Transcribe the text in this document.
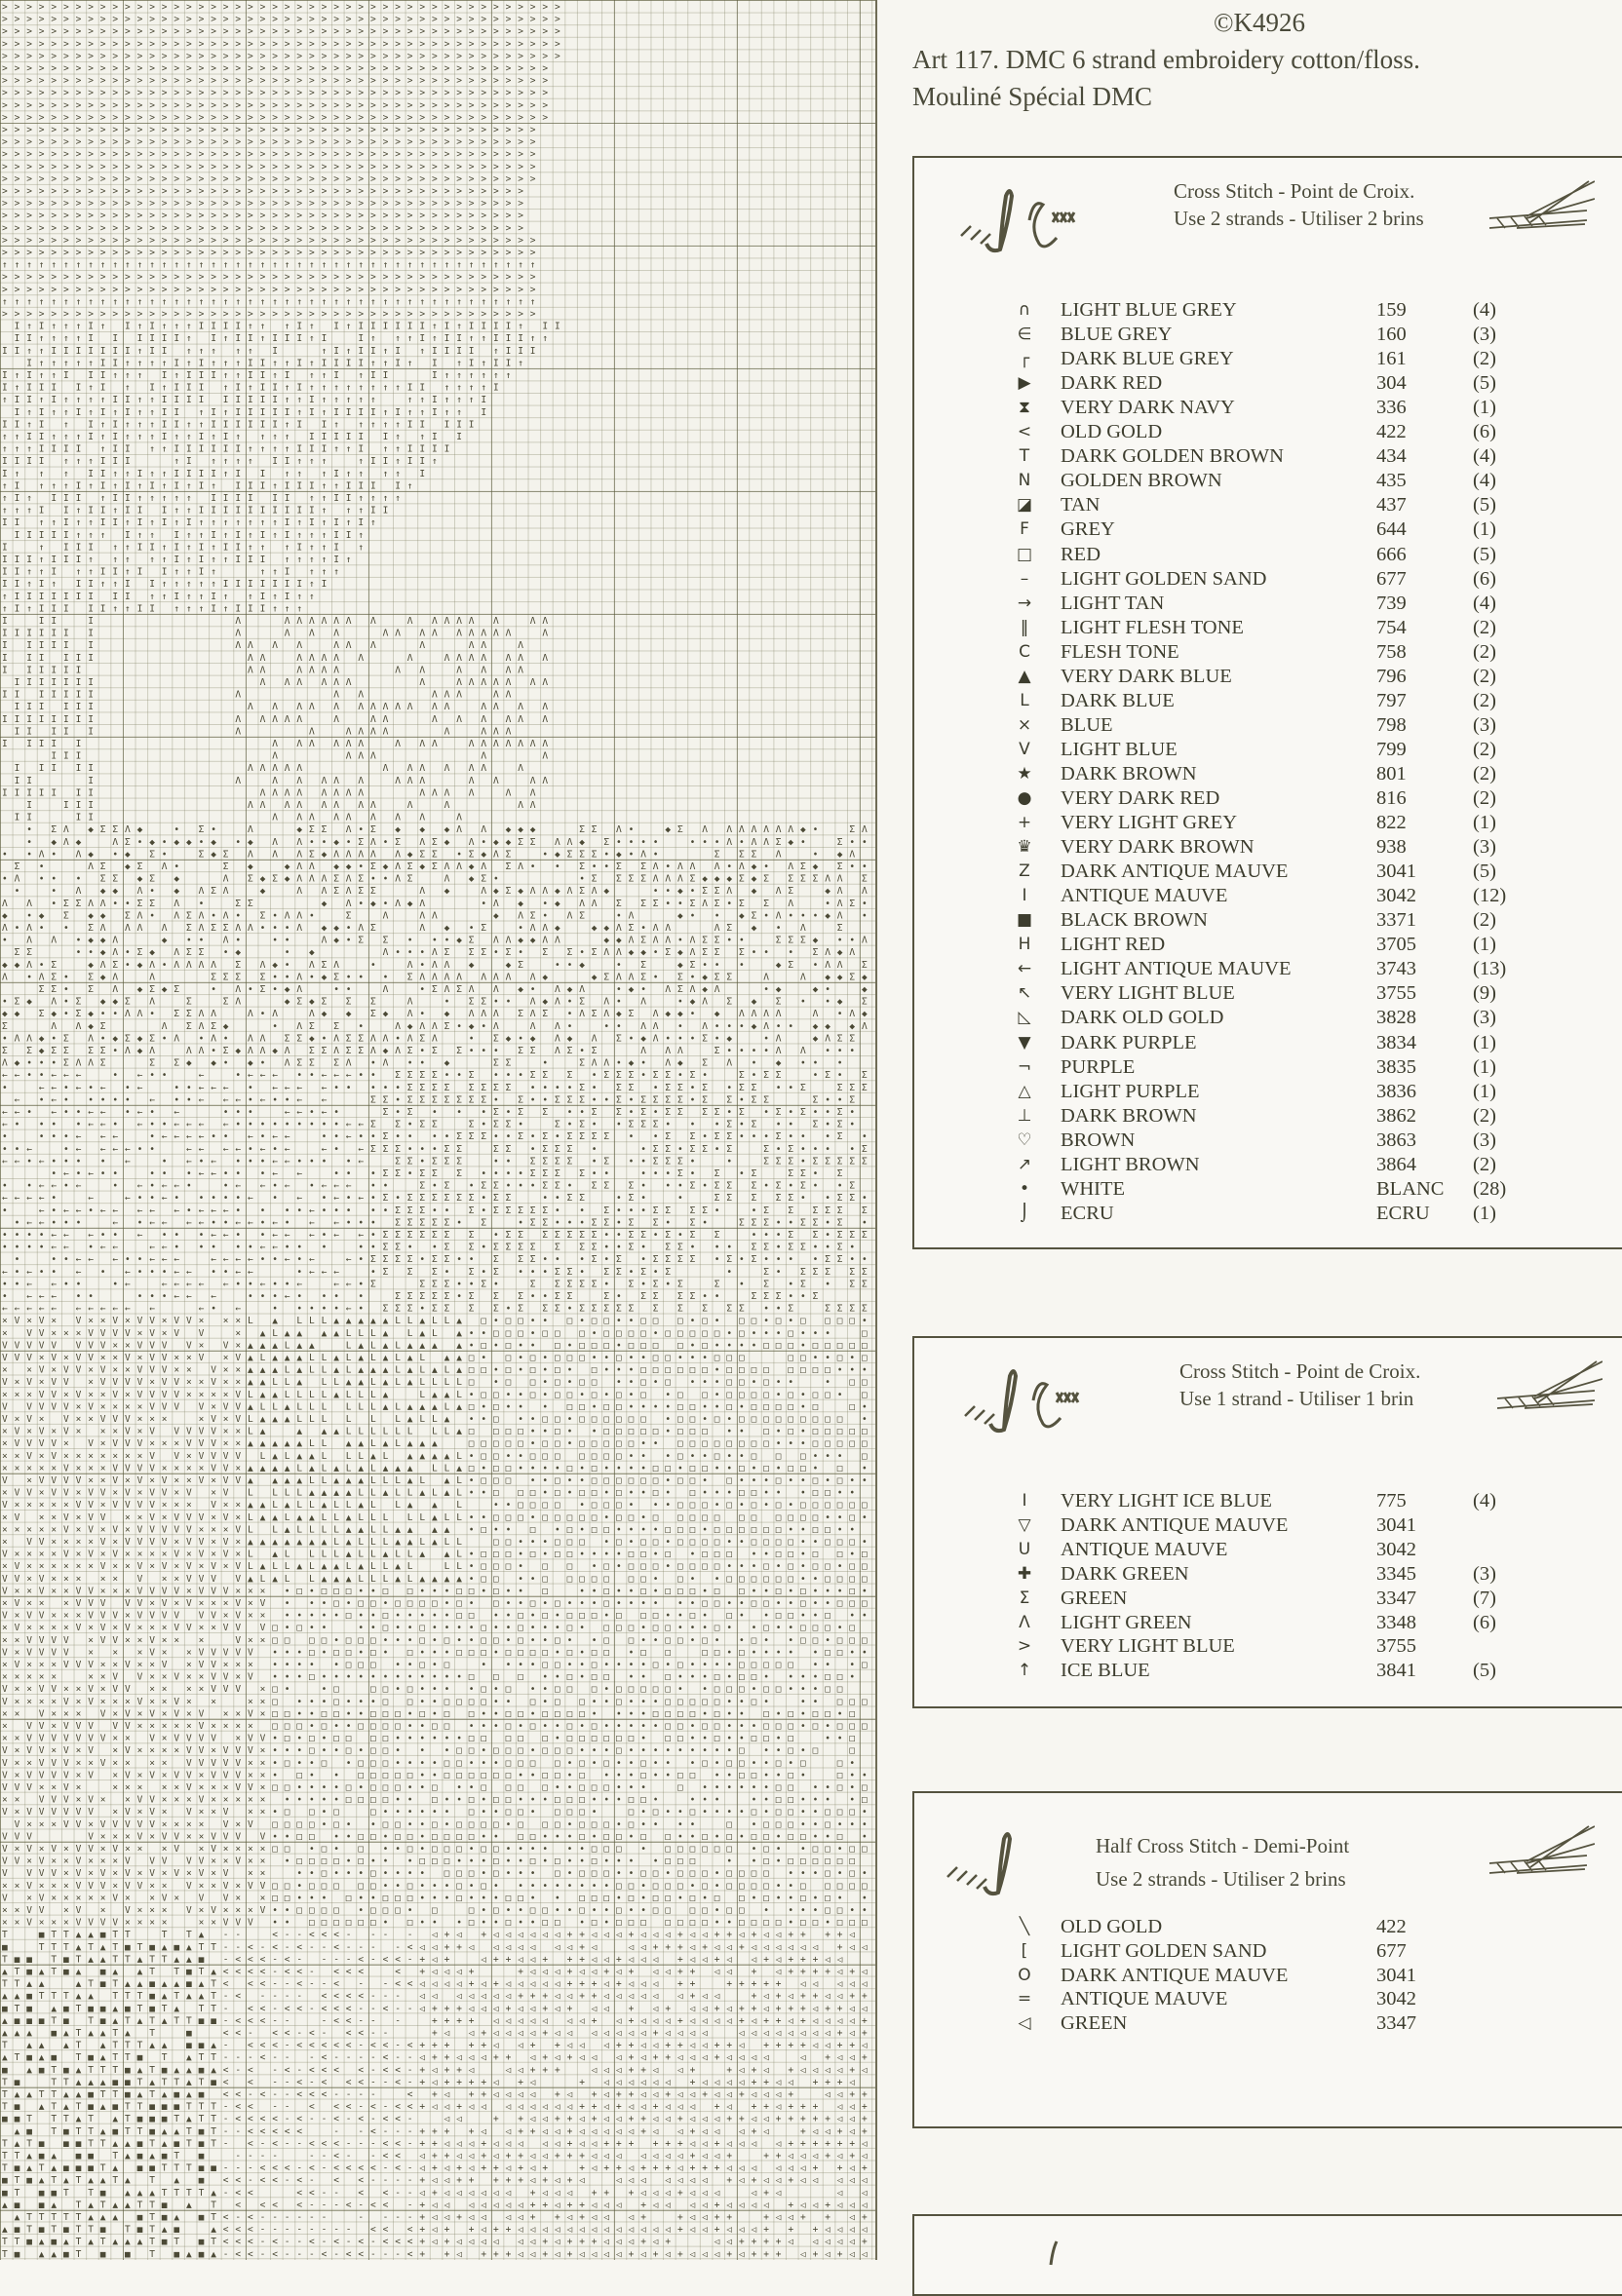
> > > > > > > > > > > > > > > > > > > > > > > > > > > > > > > > > > > > > > > > > > > > > >
> > > > > > > > > > > > > > > > > > > > > > > > > > > > > > > > > > > > > > > > > > > > > >
> > > > > > > > > > > > > > > > > > > > > > > > > > > > > > > > > > > > > > > > > > > > > >
> > > > > > > > > > > > > > > > > > > > > > > > > > > > > > > > > > > > > > > > > > > > > >
> > > > > > > > > > > > > > > > > > > > > > > > > > > > > > > > > > > > > > > > > > > > > >
> > > > > > > > > > > > > > > > > > > > > > > > > > > > > > > > > > > > > > > > > > > > >
> > > > > > > > > > > > > > > > > > > > > > > > > > > > > > > > > > > > > > > > > > > > >
> > > > > > > > > > > > > > > > > > > > > > > > > > > > > > > > > > > > > > > > > > > > >
> > > > > > > > > > > > > > > > > > > > > > > > > > > > > > > > > > > > > > > > > > > > >
> > > > > > > > > > > > > > > > > > > > > > > > > > > > > > > > > > > > > > > > > > > > >
> > > > > > > > > > > > > > > > > > > > > > > > > > > > > > > > > > > > > > > > > > > >
> > > > > > > > > > > > > > > > > > > > > > > > > > > > > > > > > > > > > > > > > > > >
> > > > > > > > > > > > > > > > > > > > > > > > > > > > > > > > > > > > > > > > > > > >
> > > > > > > > > > > > > > > > > > > > > > > > > > > > > > > > > > > > > > > > > > > >
> > > > > > > > > > > > > > > > > > > > > > > > > > > > > > > > > > > > > > > > > > > >
> > > > > > > > > > > > > > > > > > > > > > > > > > > > > > > > > > > > > > > > > > >
> > > > > > > > > > > > > > > > > > > > > > > > > > > > > > > > > > > > > > > > > > >
> > > > > > > > > > > > > > > > > > > > > > > > > > > > > > > > > > > > > > > > > > >
> > > > > > > > > > > > > > > > > > > > > > > > > > > > > > > > > > > > > > > > > > >
> > > > > > > > > > > > > > > > > > > > > > > > > > > > > > > > > > > > > > > > > > > >
> > > > > > > > > > > > > > > > > > > > > > > > > > > > > > > > > > > > > > > > > > > >
↑ ↑ ↑ ↑ ↑ ↑ ↑ ↑ ↑ ↑ ↑ ↑ ↑ ↑ ↑ ↑ ↑ ↑ ↑ ↑ ↑ ↑ ↑ ↑ ↑ ↑ ↑ ↑ ↑ ↑ ↑ ↑ ↑ ↑ ↑ ↑ ↑ ↑ ↑ ↑ ↑ ↑ ↑ ↑
> > > > > > > > > > > > > > > > > > > > > > > > > > > > > > > > > > > > > > > > > > > >
> > > > > > > > > > > > > > > > > > > > > > > > > > > > > > > > > > > > > > > > > > > >
↑ ↑ ↑ ↑ ↑ ↑ ↑ ↑ ↑ ↑ ↑ ↑ ↑ ↑ ↑ ↑ ↑ ↑ ↑ ↑ ↑ ↑ ↑ ↑ ↑ ↑ ↑ ↑ ↑ ↑ ↑ ↑ ↑ ↑ ↑ ↑ ↑ ↑ ↑ ↑ ↑ ↑ ↑ ↑
> > > > > > > > > > > > > > > > > > > > > > > > > > > > > > > > > > > > > > > > > > > >
I ↑ I ↑ ↑ ↑ I ↑ I ↑ I ↑ ↑ ↑ I I I I ↑ ↑ ↑ I ↑ I ↑ I I I I I I ↑ I ↑ I I I I ↑ I I
I I ↑ ↑ ↑ ↑ I I I I I I ↑ I ↑ I I ↑ I I I ↑ I	I ↑ ↑ ↑ I ↑ I I ↑ ↑ I I I ↑ ↑
I I ↑ ↑ I I I I I I I ↑ I I ↑ ↑ ↑ ↑ ↑ I	↑ I ↑ I I ↑ I ↑ I I I I ↑ I I I
I ↑ ↑ ↑ ↑ ↑ I I ↑ ↑ ↑ ↑ I ↑ I ↑ ↑ ↑ I I ↑ ↑ I ↑ I I I I ↑ ↑ I ↑ I ↑ I ↑ I I ↑
I ↑ I ↑ ↑ I I I ↑ ↑ ↑ I ↑ I I I ↑ ↑ I I ↑ I ↑ ↑ I ↑ I I	I ↑ ↑ ↑ ↑ ↑ ↑
I ↑ I I I I ↑ I ↑ I ↑ I I I ↑ I ↑ I I ↑ I ↑ ↑ ↑ ↑ ↑ ↑ ↑ ↑ I I ↑ ↑ ↑ ↑ I
↑ I I ↑ I ↑ ↑ ↑ ↑ I I ↑ ↑ I I I I I I I I I ↑ ↑ I ↑ ↑ ↑ ↑ ↑	↑ ↑ I ↑ ↑ ↑ I
I ↑ I ↑ ↑ I ↑ I ↑ I ↑ ↑ I I ↑ I ↑ I I I I I ↑ I ↑ I I I I ↑ I ↑ ↑ I ↑ ↑ I
I I ↑ I ↑ I ↑ I ↑ ↑ ↑ I I ↑ ↑ I I I I I I ↑ I I ↑ ↑ ↑ ↑ ↑ I I I I I
↑ ↑ I I ↑ ↑ ↑ I ↑ I ↑ ↑ ↑ I ↑ ↑ I ↑ I ↑ ↑ ↑ ↑ I I I I I I ↑ ↑ I I
↑ ↑ ↑ I I I I ↑ I I ↑ ↑ I I I I I I ↑ ↑ ↑ ↑ I I I ↑ ↑ I ↑ ↑ I I I I
I I I I ↑ ↑ ↑ I I I	↑ I ↑ ↑ ↑ ↑ I I ↑ ↑ ↑	↑ I I ↑ I I ↑
I ↑ ↑ ↑ I I ↑ ↑ I ↑ ↑ I I I I ↑ I I ↑ ↑ ↑ I ↑ ↑ ↑ ↑ I
↑ I ↑ ↑ ↑ I ↑ I ↑ I ↑ I ↑ I ↑ I ↑ I I I ↑ I I I ↑ ↑ I I I I ↑
↑ I ↑ I I I ↑ I I ↑ ↑ ↑ ↑ ↑ I I I I I I ↑ ↑ I I ↑ ↑ ↑ ↑
↑ ↑ ↑ I I ↑ I I ↑ I I I ↑ ↑ I I I I I I I I I I ↑ ↑ ↑ I I
I I ↑ ↑ I ↑ ↑ I I ↑ I ↑ I ↑ I ↑ ↑ ↑ ↑ ↑ ↑ ↑ I ↑ I ↑ I ↑ I ↑
I I I I I ↑ ↑ ↑ I ↑ ↑ I ↑ ↑ I ↑ I ↑ I ↑ I ↑ ↑ ↑ I I ↑
I	↑ I I I ↑ ↑ I I ↑ I ↑ I ↑ I I ↑ ↑ ↑ I ↑ ↑ I ↑
I I I ↑ I I I ↑ ↑ ↑ ↑ ↑ I ↑ I ↑ ↑ I I I ↑ ↑ ↑ ↑ I ↑
I I ↑ ↑ I ↑ ↑ I I ↑ I I ↑ ↑ I ↑	↑ ↑ I ↑ ↑ ↑
I I ↑ I ↑ I I ↑ ↑ I I ↑ ↑ ↑ ↑ ↑ I I I I I I I ↑ I
↑ I I I I I I I I I ↑ ↑ I ↑ ↑ I ↑ ↑ I ↑ I ↑ ↑
↑ I ↑ I I I I I ↑ ↑ I I ↑ ↑ ↑ I ↑ I I I ↑ ↑ ↑
I	I I	I	Λ	Λ Λ Λ Λ Λ Λ Λ	Λ Λ Λ Λ Λ Λ	Λ Λ
I I I I I I I	Λ	Λ Λ Λ	Λ Λ Λ Λ Λ Λ Λ Λ Λ	Λ
I I I I I I	Λ Λ Λ Λ	Λ Λ Λ	Λ	Λ Λ	Λ
I I I I I I	Λ Λ	Λ Λ Λ Λ Λ	Λ	Λ Λ Λ Λ Λ Λ Λ
I I I I I I	Λ Λ	Λ Λ Λ Λ	Λ Λ	Λ Λ Λ Λ
I I I I I I I	Λ Λ Λ Λ Λ Λ	Λ	Λ Λ Λ Λ Λ Λ Λ
I I I I I I I	Λ	Λ Λ	Λ Λ Λ	Λ Λ
I I I I I I	Λ Λ Λ Λ Λ Λ Λ Λ Λ Λ Λ Λ	Λ Λ Λ Λ
I I I I I I I I	Λ Λ Λ Λ Λ	Λ	Λ Λ	Λ Λ Λ Λ Λ Λ
I I I I I	Λ	Λ	Λ Λ Λ Λ	Λ	Λ Λ Λ
I I I I I	Λ Λ Λ Λ Λ Λ	Λ Λ Λ	Λ Λ Λ Λ Λ Λ Λ
I I I	Λ	Λ Λ Λ	Λ	Λ
I I I I I	Λ Λ Λ Λ Λ	Λ Λ Λ Λ Λ Λ	Λ
I I	I	Λ	Λ Λ Λ Λ Λ	Λ Λ Λ	Λ Λ	Λ Λ
I I I I I I I	Λ Λ Λ Λ Λ Λ Λ Λ	Λ Λ Λ Λ	Λ Λ
I	I I I	Λ Λ Λ Λ Λ Λ Λ Λ	Λ	Λ	Λ Λ
I I	I I	Λ Λ Λ Λ Λ Λ Λ Λ	Λ
• Σ Λ ◆ Σ Σ Λ ◆	• Σ •	Λ	◆ Σ Σ Λ • Σ ◆ ◆ ◆ Λ Λ ◆ ◆ ◆	Σ Σ Λ •	◆ Σ Λ Λ Λ Λ Λ Λ Λ ◆ •	Σ Λ
• ◆ Λ ◆	Λ Σ • ◆ • ◆ ◆ • ◆ • ◆ Λ Λ • • ◆ • Σ Λ • Σ Λ Σ ◆ Λ • ◆ ◆ Σ Σ Λ Λ ◆ Σ • • • •	• • • Λ • Λ Λ Σ ◆ •	Σ • •
• • Λ • Λ ◆ • ◆ Σ •	Σ ◆ Σ Λ Λ Λ Σ ◆ Λ Λ Λ Λ Λ ◆ Σ Σ • Σ ◆ Λ Σ	• ◆ Σ Σ Σ • ◆ • Λ •	Σ Σ Σ Λ	• ◆ Λ
Σ •	Λ Σ ◆ Σ Λ •	Σ ◆	◆ Λ Λ ◆ ◆ • Σ ◆ Λ Σ ◆ Σ Λ Λ ◆ Λ Σ Λ • • Σ • • Σ Σ Λ • Λ Λ Λ • Λ ◆ • Λ Σ ◆ Σ • •
• Λ • • • Σ Σ ◆ Σ ◆	Λ Σ ◆ Σ ◆ Λ Λ Λ Σ Λ Σ • • Λ Σ	Λ ◆ Σ •	• Σ Σ Σ Σ Λ Λ Λ Σ ◆ ◆ ◆ Σ ◆ Σ Σ Σ Σ Λ Λ Σ
•	• Λ ◆ ◆ Λ • ◆ Λ Σ Λ	◆	Λ Λ Σ Λ Σ Σ	Λ ◆	Λ ◆ Σ ◆ Λ Λ ◆ Λ Σ Λ ◆	• • ◆ • Σ Σ Λ ◆ Λ Σ	◆ Λ Λ
Λ Λ • Σ Σ Λ Λ • • Σ Σ Λ •	Σ Σ	◆ Λ • ◆ • Λ ◆ Λ	• Λ ◆ • ◆ Λ Λ Σ Σ Σ • • Σ Λ Σ • Σ Σ Λ	• Λ Σ •
◆ • ◆ Σ ◆ ◆ Σ Λ • Λ Σ Λ • Λ • Σ • Λ Λ •	Σ	Λ	Λ Λ	◆ Λ Σ • Λ Σ	• Λ	◆ • • ◆ Σ • Λ • • • ◆ Λ •
Λ • Λ • • Σ Λ Λ Λ Λ Σ Λ Σ Σ Λ Λ • • • Λ ◆ ◆ • Λ Σ	Λ ◆ • Σ	• Λ Λ ◆	◆ ◆ Λ Σ • Λ Λ	Λ Σ ◆ • Λ	Σ
• Λ Λ • ◆ ◆ Λ	◆ • • Λ •	• •	Λ ◆ • Σ Σ • • • ◆ Σ Λ Λ ◆ ◆ Λ Λ	◆ ◆ Λ Σ Λ Λ • Λ Σ Σ • •	Σ Σ Σ ◆ • • Λ
Σ Σ	• • ◆ Λ • Σ ◆ Λ Σ Σ • ◆	• ◆	Λ • • • Λ Σ Σ Σ • Σ • Σ Σ • Σ Λ Λ ◆ ◆ • Σ ◆ Λ Σ Σ Σ • • • Σ Λ ◆ Λ
◆ ◆ Λ • Σ	◆ Λ Σ • ◆ Λ • Λ Λ Λ Λ Σ Λ ◆ • Λ Σ Λ	•	Λ • Λ Λ ◆	◆ Σ	• • ◆	• Σ	◆ Σ • • •	◆ Σ • Λ Λ Σ
Λ • Λ Σ • Σ ◆ Λ	Λ	Σ Σ Σ Σ • • Λ • ◆ Σ • • • Σ Λ Λ Λ Λ Λ Λ Λ Λ ◆	◆ Σ Λ Λ Σ • Σ • ◆ Σ Σ	Λ	Λ ◆ ◆ Σ ◆
Σ Σ • Σ Λ ◆ Σ ◆ Σ	• Λ • Σ • ◆ Λ	• •	Λ	• Σ Λ Σ Λ Λ ◆ • Λ ◆ Λ	• ◆ • Λ Σ Λ ◆ Λ	• ◆	◆ •	◆
• Σ ◆ Λ • Σ ◆ ◆ Σ Λ	Σ	Σ Λ	◆ Σ ◆ Σ Σ Σ	Λ	• Σ Σ • • Λ ◆ Λ • Σ Λ • Λ	• ◆ Λ Σ ◆ Σ • • ◆ Σ
◆ ◆ Σ ◆ • Σ ◆ • • Λ Λ • Σ Σ Λ Λ	Λ • Λ	Λ ◆ ◆ Σ ◆ Λ • ◆ Λ Λ Λ Σ Λ Σ • Λ Σ Λ ◆ Σ Λ ◆ ◆ • ◆ Λ Λ Λ Λ	Λ • Λ ◆
Σ	Λ Λ ◆ Σ	Λ Σ Λ Σ ◆	• Λ Σ Σ •	Λ ◆ Λ Λ Σ • ◆ • Λ	Λ Λ •	• • Λ Λ • Λ • • • ◆ Λ • • ◆ ◆ ◆ Λ
• Λ Λ ◆ • Σ Λ • ◆ Σ ◆ Σ • Λ • Λ • Λ Λ Σ Σ ◆ • Λ Σ Σ Λ Λ • Λ Σ Λ	• Σ ◆ • ◆ Λ ◆ Λ Σ • ◆ Λ • • • Σ • ◆	• Λ	◆ Λ Σ Σ
Σ Σ ◆ Σ Σ Σ Σ • Λ ◆ Λ	Λ Λ • Σ ◆ Λ Λ ◆ Λ Σ Σ Λ Σ Σ Λ ◆ Λ Σ • Σ Σ • • • Σ Σ Λ Σ • Σ	Λ Λ Λ	Σ • • • • Λ Λ • • •
Λ ◆ • • • Σ Λ Λ Σ	Σ Σ ◆ ◆ • ◆ • Λ Σ Σ Σ Λ • Λ • • ◆	Σ Σ	•	Σ Λ Λ • ◆ • Λ ◆ Σ Λ • ◆ • • •
← ← • • ← ← ←	• ← • •	←	• ← ← ← • • ← ← ← • • Σ Σ Σ Σ • • Σ • • • Σ Σ Σ • Σ Σ Σ • Σ Σ • Σ •	Σ • Σ Σ	• Σ • Σ
•	← ← • ← • ← • ←	• • ← ← ← • ← ← ← ← • • • • • Σ Σ Σ Σ Σ Σ Σ Σ • • • • Σ • Σ Σ • Σ Σ • Σ • Σ Σ • • Σ	Σ Σ Σ
← • ← • • • • • ← • • ← ← ← • ← • • ← ←	Σ Σ • Σ Σ Σ Σ Σ Σ Σ • Σ • • Σ Σ Σ • • Σ • Σ Σ Σ Σ • Σ Σ • Σ Σ	Σ • • Σ
← ← • ← • • ← ← • ← • ←	• • •	← ← • ← •	Σ • Σ • • • Σ • Σ Σ • • Σ Σ • Σ • Σ Σ Σ Σ • Σ • Σ • Σ • • Σ •
← • • • • ← ← • ← • • ← ← ← ← • • • • • • • • • ← ← Σ Σ • Σ Σ	Σ • Σ Σ •	Σ • Σ • • Σ Σ Σ • • • Σ • Σ • • Σ • Σ •
•	• • • ← ← ←	• ← ← ← ← • • ← • ← ←	• • ← • • Σ • • • • Σ Σ Σ • • Σ • Σ • Σ Σ Σ Σ • • Σ Σ • Σ Σ • • • Σ • • • Σ •
• • ←	• ← ← ← ← • •	← ← ← ← • ← • ←	← • ← Σ Σ Σ • • • Σ Σ	Σ Σ • Σ Σ Σ •	• Σ Σ • Σ Σ • Σ	Σ • Σ • • • • Σ
← ← • ← • • • • ←	• ← • ← • • • ← ← • • • • ←	Σ Σ • Σ Σ Σ	• • Σ Σ Σ Σ • Σ • • Σ Σ Σ •	•	Σ Σ Σ • Σ Σ Σ Σ Σ
• ← • ← • •	• • • ← ← • • • ← ←	• • • Σ Σ • Σ Σ Σ • • • • Σ Σ Σ Σ • •	• • • Σ • Σ • Σ	Σ Σ • Σ
• • ← ← • ←	• ← • ← ← •	• ← ← • ← • ← ← ← • •	Σ • Σ • Σ Σ • • • Σ Σ • Σ Σ Σ • • • Σ • Σ Σ Σ • Σ • Σ • • Σ
← ← ← ← •	←	← • • ← • • • • • ← • ← • ← • ← • Σ • Σ Σ Σ Σ Σ Σ • Σ Σ	• • Σ Σ	• Σ •	•	Σ Σ Σ Σ Σ • • Σ Σ •
•	← • ← ← • ← ← ← ← ← • ← ← ← • • • • ← • • • • • Σ Σ Σ • • Σ • Σ Σ Σ Σ Σ • • Σ • • • Σ Σ Σ Σ •	• Σ Σ Σ Σ Σ Σ
• ← ← • • •	← • ← ← ← ← • • ← ← • ← • ← ← • • • Σ Σ Σ Σ Σ • Σ	• Σ Σ • • • Σ Σ • Σ Σ • Σ •	Σ Σ Σ • • Σ Σ • Σ •
• • • • ← ← ← • • ← • • • ← ← • • ← ← ← • ← ← • Σ Σ Σ Σ Σ Σ Σ • Σ Σ Σ Σ Σ Σ Σ • • Σ Σ • Σ • Σ Σ	• • • Σ Σ • Σ Σ Σ
• • • • ← ← • ← ←	← ← • • • • • ← ← • • •	• • Σ Σ • • Σ Σ • Σ Σ Σ Σ Σ Σ Σ • • Σ • Σ Σ • • • Σ Σ • Σ Σ • • Σ •
•	• • ← ← ← • • ← ← ←	← ← ← ← • • ← • ←	← • Σ Σ Σ Σ • Σ Σ • • Σ Σ Σ • • • Σ • Σ • Σ Σ Σ Σ • Σ • Σ • • • • Σ Σ • •
← • ← • • ← • ← • • • ← ← • • ← ←	• ← ← ←	• Σ Σ Σ • Σ • Σ • • • Σ Σ • Σ Σ • Σ • Σ	•	Σ • Σ Σ Σ Σ Σ
• • ← ← • •	• ←	← ← ← ← ← • • ← • • ←	← ← • Σ	Σ Σ Σ • • Σ •	Σ Σ Σ Σ Σ • Σ • Σ • Σ	Σ • Σ • Σ • Σ Σ
• ← ← ← • •	• • • ← ← ←	• • • ← • • • •	Σ Σ Σ Σ Σ • Σ Σ Σ • • Σ Σ	Σ • Σ Σ Σ Σ • •	Σ Σ Σ • • Σ
← ← ← ← ← ← ← ← ← ← ←	← • ←	• • • • • ← • Σ Σ Σ • Σ Σ Σ Σ • Σ Σ Σ • Σ Σ Σ Σ Σ Σ Σ Σ Σ Σ • • Σ	Σ Σ Σ Σ
× V × V × V × × V × V V × V V × × × L ▲ L L L ▲ ▲ ▲ ▲ ▲ L L ▲ L L ▲ □ • □ □ • • □ • □ □ • • □ □ □ • □ • □ □ • □ • □ □ □ □ •
× V V × × × V V V V × V × V V	× ▲ L ▲ ▲ ▲ ▲ L L L ▲ L ▲ L ▲ • • □ □ □ • □ □ □ • □ □ □ □ • □ □ □ □ □ • □ • • • □ • • •	□
V V V V V V V V × × V V V V × V × ▲ ▲ ▲ L ▲ ▲	L ▲ L ▲ L ▲ ▲ ▲ ▲ • □ • □ • • □ • □ □ □ • □ □ □ □ • □ • • • • □ □ □ • □ □ □ □ □
V V V × V × V V × × V × V V × × V × V ▲ L ▲ ▲ ▲ L L ▲ L ▲ L ▲ L ▲ L ▲ ▲ □ • □ • □ • □ □ □ • • □ • • □ □ • • • □ □ □	□ □ • • □ • □
× × V × V V × V × × V V V × × V × × ▲ ▲ ▲ L ▲ L L ▲ L ▲ ▲ ▲ L ▲ L ▲ L ▲ □ □ • □ • □ • □ • □ • • • □ □ □ □ □ □ • □ □ □ □ □ □ □ □ • • •
V × V × V V × V V V V × V V × × V × × ▲ ▲ L L ▲ L L ▲ ▲ L ▲ L ▲ L L L L □ • □ □ • □ • □ □ • • □ • □ • • • □ □ • □ • •	• □ □
× × × V V × V × × V × V V V V × × × × V L ▲ ▲ L L L L ▲ L L L ▲	L ▲ ▲ L • □ □ • • □ • □ □ • □ • □ • □ • □ □ • □ □ □ □ • □ • □ □ • □
V V V V V × V × × × × V V V V × V V ▲ L L ▲ L L L L L L ▲ L ▲ ▲ ▲ L ▲ □ • □ • • • □ □ • □ □ • • • • □ □ • • □ • □ □ □ □ • □	□ •
V × V × V × × V V V × × ×	× V × V L ▲ ▲ ▲ L L L L L L ▲ L L ▲ • • □ • • □ □ • □ □ □ □ □ □ • □ □ • □ • □ □ □ □ □ □ □ □ □ •
× V × V × V × × × V × V V V V V × × L ▲	▲ ▲ ▲ L L L L L L L L ▲ □ □ □ □ • • □ • • □ □ □ □ □ • □ □ □ • • □ • □ • □ □ □ □ □
× V V V V × V × V V V × × × V V V × × ▲ ▲ ▲ ▲ ▲ L L ▲ ▲ L ▲ L ▲ ▲ ▲	□ □ □ □ □ • □ □ • □ □ □ □ □ • • □ □ □ □ □ □ □ □ • • • □ □ □ □ □
× × V × V × × × × × × × V V × V V V V L ▲ L ▲ ▲ L L L ▲ L ▲ ▲ ▲ ▲ L • □ □ • • □ □ □ □ □ □ □ • • • □ • • □ • • □ □ □ • • • □
× × × × × V × × × V V V V × × × × V V × ▲ ▲ ▲ ▲ L ▲ L ▲ L ▲ L ▲ ▲ ▲ L L ▲ □ • □ □ • • • • □ • □ • • • • □ □ • □ □ • • □ • □ • □ □ • □ •
V × V V V V × × V × V × V × × V × V V ▲ ▲ ▲ ▲ L L ▲ ▲ ▲ L L L ▲ L ▲ L • □ □ □ • • □ • • □ □ □ □ □ □ • □ □ • □ • • • □ • • □ • □ • •
× V V × V V × V V × V × V V × V × V L L L L ▲ ▲ ▲ ▲ L L ▲ L L ▲ L ▲ L • • □ □ □ • □ • □ □ • □ • • □ • □ • • • □ □ • • • □ □ • •
V × × × × × V V × V V V V × × × V × × ▲ ▲ L ▲ L L ▲ L L ▲ L L ▲ ▲ L	• • □ □ □ □ • □ □ □ • • • □ □ □ • □ • □ • □ • □ □ □ □ □ □
× V × × V × V V × × V × V V V × V × L ▲ ▲ L ▲ ▲ L L ▲ L L L L L ▲ L L • • □ □ □ • □ □ □ □ □ • □ □ • □ □ □ □ □ □ □ □ □ □ □ • • □ •
× × × × × V × V × V × V V V V V × × × V L L ▲ L L L L ▲ ▲ L L ▲ ▲ ▲ ▲ • □ • • □ • □ • □ □ • • • • □ □ □ • □ □ □ □ □ □ • • □ □ • •
× V V × × × × V × V V V V × V V × V × ▲ ▲ ▲ ▲ ▲ ▲ ▲ L ▲ L L L ▲ ▲ L ▲ L L	□ □ • • • □ □ □ • □ • □ □ • □ □ □ □ • • □ □ □ □ • • □ □ □ •
V × × × × V × V × V × × × × V × V × V × L ▲ L L L L ▲ L L ▲ L L ▲ ▲ L • □ □ □ • □ • □ □ • • • • □ □ • □ • □ □ □ • • □ □ • □ □ • □
× V × × × × × × V × × V × V × V × V × V L ▲ L L ▲ L ▲ ▲ L ▲ L L ▲ L	L L • □ □ □ • □ □ • □ • □ □ □ • □ □ □ □ • • • □ • □ • □ □ • □ □
V V × V × × × × × V × × V V V V ▲ L ▲ L L ▲ ▲ ▲ L L L ▲ L ▲ ▲ ▲ ▲ • □ □ • • □ □ □ □ □ □ □ • □ • • □ □ □ □ □ □ • • □ □ □ □
V × × V × × V V × × × V V V V × V V V × × × • □ • □ □ □ • • □ □ • • • □ □ • □ • • □	• • □ • • □ • □ □ □ • □ □ • • □ • □ • • • □ •
× V × × × V V V V V × V × V × × × V × V • • • □ • □ □ • □ □ □ □ • □ • □ • • □ • □ • • • □ • • • • • • □ □ • • □ □ • • □ • • □ □ □
V × V V × × × V V V × V V V V V V × V × × • • • • • □ • • □ • • • • • □ □ • • □ • □ • □ □ □ • □ □ □ • • □ • □ • • □ □ • • □ • •
× V × × × × V × V × V × × × V V × × V V V □ • □ • •	• • □ • • □ • • • • □ • • □ • • • □ • □ □ □ • □ □ • • • □ • • □ • • □ □ □ • □
× × V V V V × V V × × V × × ×	V × × □ □ □ □ • □ □ □ • • • □ • □ • • □ □ • □ • • □ • • □ □ • • □ □ • □ • • □ • • □ □ • □ □ □
V × V V V V × × × V × × V V V V V • • • □ • □ □ • □ • □ • • • □ □ □ • □ □ □ □ • □ • □ □ • □ □	□ □ • □ • • • • • □ □ • •
× V × × × V V V × × V × × V × V V × × × • • • • • □ □ □ • • □ • □	• • • • □ □ • • □ • • • • □ • □ • • • • □ □ □ □ □ • • • □
× × × × ×	× × V V × × V × × V V × V • • • □ • • • • • • • • • • • • □ □ □ • • □ • □ □ • • □ • • • □ • □ □ • • • • □ □ •
V × × V V × × V × V V × × × × V V V × □ •	• □	□ □ • □ • • • • □ • □ • • □ □ □ • □ □ □ □ □ • • □ □ □ • □ □ • • • □ □
V × × × × V × V × × × V × × V × ×	× × □ • • • □ • • • □ □ • • □ □ □ □ • • □ • □ □ • • □ • • • □ □ □ □ □ • • □ •	• • □ □ □
× × V × × × V × V × V × V × V × × V × □ □ • • □ □ • • □ □ □ • □ • □ □ • • □ □ • □ □ □ □ • • • • □ □ □ □ • □ • • □ • □ • □ □ • □
× V V × V V V V V × × × × × V × × × × □ □ □ • □ • • □ □ □ □ • • □ □ • • • □ • □ • • □ • □ • • • • • □ □ • □ □ • • • □ □ □ • □ • □ □ □
× × V V V V V V V × × V × V V V V × V V • □ • □ • □ □ □ □ • • • • • • □ □ □ □ □ • □ □ □ □ □ □ • □ □ • • □ • • □ □ • □	• • □
V × V V × V × V × V × × × × V V × V V V × • • • □ • • □ • □ □ • • • □ □ • □ □ □ • □ □ □ • • • □ • • • • • • • • • □ • • □ • □	□
V × × V V V × × V × × × × V V V V V × × • □ • • □ • □ □ □ • • • • □ □ • • • □ □ □ □ • □ • □ • • □ • • • □ • □ □ • • □ • □	□ •
V × V V V V × V × V × V × V V × V V V × × • □ • • □ □ □ □ □ • • □ □ □ □ □ □ • • □ □ • □ • • • □ • • □ □ • • □ □ • • □ •	□ • •
V V V × × V ×	× × × × × V × × × V V × □ □ • • • • □ • □ □ □ • • □ • • □ □ □ □ • • □ □ □ • • •	□ • • • • • • □ □ • • □ • □
× × V V V × V × × V V × × × V × × × × × • • • • • □ □ □ □ • • □ • • □ • □ □ • • • □ □ □ • • • □ □ •	• • •	• • □ □ • • • • □
V × V V V V V V × V × V × V × × V × × • □ □ • □	□ • • • • • • □ • • □ □ • □ □ □ •	□ • □ • • □ • • • • □ • □ □ • • □ □ □ •
V × × × V V × V V V V V × × × × V × V □ □ □ □ • □ • • □ □ • • □ • □ □ □ □ • □ □ □ • □ □ □ • □ • • • •	□ • □ □ □ • • □ • • •
V V V	V × × × V × V V × × V V V V • • □ □ • • □ □ • □ □ • □ □ □ □ • • □ □ • • • □ • □ □ • □ □ • • □ • □ • □ □ • □ □ • • □ •
V × V × V × V V × V × × × V × V × × × × □ □ • □ • □ • • □ • □ □ □ • □ □ • • • • • • □ □ □ • □ □ □ □ □ □ • □ • • □ □ • □ □
V V × V × × V × × × V V V V V × × V × × • □ □ □ □ • □ • • • □ □ □ • • • □ • • □ • □ • • □ • • • • □ □ □	• • □ • □ □ □ □ □ □
V V V V × V × V × V × V × V × V × V × ×	• • □ • • • □ • • • • □ □ □ • □ • • • □ • □ □ □ • • □ □ • □ □ □ • □ □ □ □ • • • □ • □ •
× × V × × × V V V × V V × × V × × V × V V □ □ • □ □ □ □ □ • • □ • • • □ • □ • • • • • • • • • □ □ • □ □ □ • □ • □ □ □ □ • • □ □ □ □ □
V × V × × × × × V × × V × V V × × □ □ • • • □ • • □ □ □ • • • □ • • • □ □ • • □ □ □ • □ • □ □ • □ • □ □ • □ • • □ • □ • •
× × V V × V × V × × × V × V × × × V • • □ □ □ □ • □ □ □ • □	□ • □ • • □ □ • • □ • • □ • • □ □ □ □ • □ □ • • • • □ □ • •
× × V × × × V V V V × × × ×	× × V V V • • □ □ □ □ □ □ • □ • • • □ • • □ • • □ □ • □ • □ □ □ □ □ □ □ • • □ □ □ □ • □ □ • □ □ □
T	■ T T ▲ ▲ ■ T T	T T ▲ - -	< - - < < < - - - - ◁ + ◁ + ◁ ◁ ◁ ◁ ◁ ◁ + + ◁ ◁ ◁ + ◁ ◁ ◁ + ◁ ◁ + + ◁ + ◁ ◁ + + + + ◁
■	T T T ▲ T ▲ T ■ T ■ ▲ ■ ▲ T T - - < - < - < - - < - - - - < ◁ ◁ + + ◁ ◁ ◁ ◁ ◁ ◁ ◁ + ◁	◁ ◁ + + + ◁ + ◁ ◁ + ◁ ◁ ◁ ◁ ◁ ◁ + ◁ ◁
T ■ ■ T ■ T ▲ ▲ T T ▲ T T ▲ ▲ ■ - < < < - < - - - - < - < < - + ◁ +	◁ + + ◁ ◁ + + + ◁ ◁ + ◁ ◁ ◁ + ◁ ◁ + ◁ ◁ + ◁ + + + ◁ ◁
▲ T ■ ▲ T ■ ▲ ■ ▲ ▲ T T ■ T ▲ < < < < - < < - < < <	< + ◁ ◁ ◁ +	+ ◁ ◁ ◁ + ◁ ◁ + ◁ + ◁ ◁ + + ◁ ◁ + ◁ + + + + ◁ + ◁
T T ▲ ▲	▲ T ■ T ▲ ▲ ■ ▲ ▲ ■ ▲ T < < < - - < - - < - - < < ◁ ◁ ◁ ◁ + ◁ + ◁ ◁ ◁ ◁ ◁ + + + ◁ + ◁ ◁ ◁ + +	+ + + + + ◁ ◁ ◁ ◁ ◁
▲ ▲ ■ T T T ▲ ▲ T T T ■ ▲ T ▲ ▲ T - < - - - - < < < < - - - ◁ ◁ ◁ ◁ ◁ ◁ ◁ + + + ◁ ◁ + + ◁ ◁ ◁ ◁ ◁ ◁ + ◁ ◁	+ ◁ + ◁ + + ◁ ◁ + +
■ T ■ ▲ ■ T ■ ■ ▲ ■ T ■ T ▲ T T - < < - < < - < < < - - < - - ◁ + + + ◁ ◁ ◁ + ◁ ◁ + ◁ + ◁ ◁ + ◁ + ◁ ◁ + ◁ + + ◁ + + + ◁ + + ◁ ◁
▲ ■ ■ ■ T ■ T ■ ▲ T ▲ T ▲ T T ■ ■ - < < < - -	- < < - - -	+ + + + ◁ ◁ ◁ ◁ ◁ ◁ ◁ + ◁ + ◁ ◁ ◁ + ◁ ◁ ◁ ◁ + ◁ + + ◁ + ◁ ◁ ◁ ◁ +
▲ ▲ ▲ ■ ▲ T ▲ ▲ T ▲ T	■	< < - < < - < - < < - -	+ ◁ ◁ + ◁ ◁ ◁ ◁ + ◁ ◁ ◁ ◁ ◁ ◁ ◁ + ◁ ◁ ◁ ◁	◁ ◁ ◁ ◁ ◁ ◁ ◁ ◁ + ◁ +
T ▲ ▲ ▲ T ▲ T T T ▲ ▲ ■ ■ ▲ - < < < - < < < < < - < < - < + + + + + ◁ ◁ + + ◁ ◁ ◁ + + ◁ ◁ + + ◁ ◁ + + ◁ + + + + ◁ ◁ + + ◁
▲ T ■ ▲ ■ T ■ ▲ T T ■ T ▲ T T - - - < - - - < - - - - < - - ◁ + + ◁ ◁ ◁ + + ◁ + ◁ + ◁ ◁ ◁ + ◁ + + ◁ ◁ ◁ + ◁ ◁ ◁ ◁	◁ + ◁ ◁ +
■ ▲ ■ T ■ ▲ T T T ■ ▲ T ■ ▲ ▲ ■ ▲ < - < - < - < < < < - < < - + ◁ + + ◁	◁ ◁ + + +	◁ ◁ ◁ + + ◁ ◁ +	+ ◁ + ◁ + ◁ ◁ ◁ ◁ + ◁
T ■	T T ▲ ▲ ▲ ■ ■ T ▲ T T ▲ T ■ < < - - < - < < < - - < - + ◁ + + + + ◁ + ◁	+ ◁ ◁ ◁ ◁ ◁ ◁ + ◁ ◁ ◁ ◁ + + ◁ ◁ + + + ◁
T ▲ ▲ T T ▲ ▲ ■ T T ■ ▲ T ▲ ■ ▲ ■ < < - < - - < < < - - - -	< + ◁ + + ◁ ◁ ◁ ◁ + ◁ + ◁ + + ◁ ◁ + ◁ ◁ + ◁ ◁ + ◁ ◁ ◁ +	◁ ◁ + +
T ■ ▲ T ▲ T ■ ▲ ■ T T ■ ■ ■ T T T - < < - - < < < - < - < < + ◁ ◁ + ◁ ◁ ◁ ◁ ◁ ◁ ◁ ◁ + + ◁ + ◁ ◁ + ◁ ◁ ◁ + ◁ + + ◁ + + + ◁ ◁ +
■ ■ T T T ▲ T ▲ T ■ ■ ■ T ▲ T T - < < < < - < - - < - < - < < -	◁ ◁	+ + ◁ ◁ + + ◁ + ◁ ◁ + + ◁ ◁ + ◁ ◁ ◁ + + ◁ ◁ + + + + + ◁ ◁ +
▲ ■ T ■ T T ▲ ■ T T ■ ▲ ▲ T ■ T - - < < < < <	- - < - - - + + + + ◁ ◁ + + ◁ ◁ + ◁ ◁ ◁ ◁ ◁ + ◁ ◁ + ◁ ◁ ◁ + ◁	+ ◁ ◁ + ◁ +
T ▲ T ■ ■ ■ T T ▲ ▲ ■ T ▲ ■ T ■ T - < - < - - < < < - - - < < - + + ◁ ◁ ◁ + ◁ ◁ ◁ ◁ ◁ + ◁ ◁ + + + + + + ◁ ◁ + ◁ ◁ ◁ ◁ + + + + + + ◁
T T ▲ ■ ▲ ■ ■ T ▲ ■ ▲ ■ T ■	- - - -	- - < - - < < ◁ + + ◁ ◁ + ◁ + + ◁ ◁ + + + ◁ ◁ ◁ ◁ ◁ ◁ ◁ + ◁ ◁ +	+ + ◁ ◁ ◁ + ◁ + ◁
T ■ ▲ T ▲ ■ ■ ■ T ▲ ■ ■ T T T ■ ■ - - - < < < - < - < < < < - < - ◁ + ◁ + ◁ + + ◁ + ◁ +	+ ◁ + + ◁ + + + ◁ + + + ◁ ◁ ◁ ◁ ◁ ◁ + + ◁ +
■ T ■ ▲ T ▲ T ▲ ▲ T ▲ T ▲ ■ < < - < < - < - < < - - - - + ◁ ◁ + + + + + ◁ + ◁ + ◁	◁ ◁ ◁ ◁ ◁ ◁ ◁ + ◁ + ◁ ◁ + ◁ ◁ ◁ ◁ ◁
■ T ■ ■ T T ■ ▲ ▲ ▲ T T T T ▲ - < <	< < - - < < - - ◁ + ◁ ◁ ◁ ◁ ◁ ◁ + ◁ ◁ ◁ + + + ◁ ◁ ◁ + ◁ ◁ ◁	◁ + ◁	◁ ◁
▲ ■ ■ ▲ T ▲ T ▲ ▲ T T ■ ▲ T < < < < - - - < - < < - + ◁ ◁ ◁ ◁ ◁ ◁ ◁ + + ◁ + + ◁ ◁ ◁ + ◁ ◁ ◁ ◁ + ◁ ◁ ◁ ◁ + ◁ ◁ + ◁ ◁ ◁
▲ T T T T T ▲ ▲ ▲ ■ T ■ ▲ ■ T < - < - - - - - -	- - - - + ◁ ◁ + ◁ ◁ ◁ ◁ + + ◁ + ◁ ◁ ◁ +	+ ◁ ◁ + +	+ ◁ ◁ + + ◁ +
▲ ■ T ■ T ■ T T ■ T ■ T ▲ ■	▲ < < < - - - - - - - - < < < + ◁ + + ◁ + + ◁ ◁ ◁ ◁ ◁ ◁ ◁ ◁ ◁ ◁ ◁ ◁ ◁ + ◁ ◁ + ◁ ◁ ◁ + + + ◁ ◁ ◁ ◁
T T ■ ▲ ■ ▲ T ▲ T ▲ ▲ ▲ T ■ T ■ T < < < - < - - < - < - < - < < < + ◁ + ◁ ◁ ◁ ◁ ◁ ◁ + ◁ + + + ◁ ◁ ◁ + ◁ +	◁ ◁ + + + + ◁ ◁ ◁ ◁ ◁ +
T ■ ▲ ▲ ■ T ■ ■ T ■ ▲ ■ ▲ - < < - < - - - < - < < - - - < + + ◁ + + + ◁ ◁ + ◁ + ◁ ◁ ◁ ◁ + ◁ + ◁ + ◁ ◁ ◁ + ◁ + + + ◁ + ◁ + ◁ ◁
©K4926
Art 117. DMC 6 strand embroidery cotton/floss.
Mouliné Spécial DMC
Cross Stitch - Point de Croix.
Use 2 strands - Utiliser 2 brins
∩ LIGHT BLUE GREY	159	(4)
∈ BLUE GREY	160	(3)
┌ DARK BLUE GREY	161	(2)
▶ DARK RED	304	(5)
⧗ VERY DARK NAVY	336	(1)
< OLD GOLD	422	(6)
T DARK GOLDEN BROWN	434	(4)
N GOLDEN BROWN	435	(4)
◪ TAN	437	(5)
F GREY	644	(1)
□ RED	666	(5)
–	LIGHT GOLDEN SAND	677	(6)
→ LIGHT TAN	739	(4)
‖	LIGHT FLESH TONE	754	(2)
C FLESH TONE	758	(2)
▲ VERY DARK BLUE	796	(2)
L	DARK BLUE	797	(2)
× BLUE	798	(3)
V LIGHT BLUE	799	(2)
★ DARK BROWN	801	(2)
● VERY DARK RED	816	(2)
+ VERY LIGHT GREY	822	(1)
♛ VERY DARK BROWN	938	(3)
Z DARK ANTIQUE MAUVE	3041	(5)
I	ANTIQUE MAUVE	3042	(12)
■ BLACK BROWN	3371	(2)
H LIGHT RED	3705	(1)
← LIGHT ANTIQUE MAUVE	3743	(13)
↖ VERY LIGHT BLUE	3755	(9)
◺ DARK OLD GOLD	3828	(3)
▼ DARK PURPLE	3834	(1)
¬ PURPLE	3835	(1)
△ LIGHT PURPLE	3836	(1)
⊥ DARK BROWN	3862	(2)
♡ BROWN	3863	(3)
↗ LIGHT BROWN	3864	(2)
• WHITE	BLANC (28)
⌡	ECRU	ECRU (1)
Cross Stitch - Point de Croix.
Use 1 strand - Utiliser 1 brin
I	VERY LIGHT ICE BLUE	775	(4)
▽ DARK ANTIQUE MAUVE	3041
U ANTIQUE MAUVE	3042
✚ DARK GREEN	3345	(3)
Σ GREEN	3347	(7)
Λ LIGHT GREEN	3348	(6)
> VERY LIGHT BLUE	3755
↑ ICE BLUE	3841	(5)
Half Cross Stitch - Demi-Point
Use 2 strands - Utiliser 2 brins
╲ OLD GOLD	422
[	LIGHT GOLDEN SAND	677
O DARK ANTIQUE MAUVE	3041
= ANTIQUE MAUVE	3042
◁ GREEN	3347
